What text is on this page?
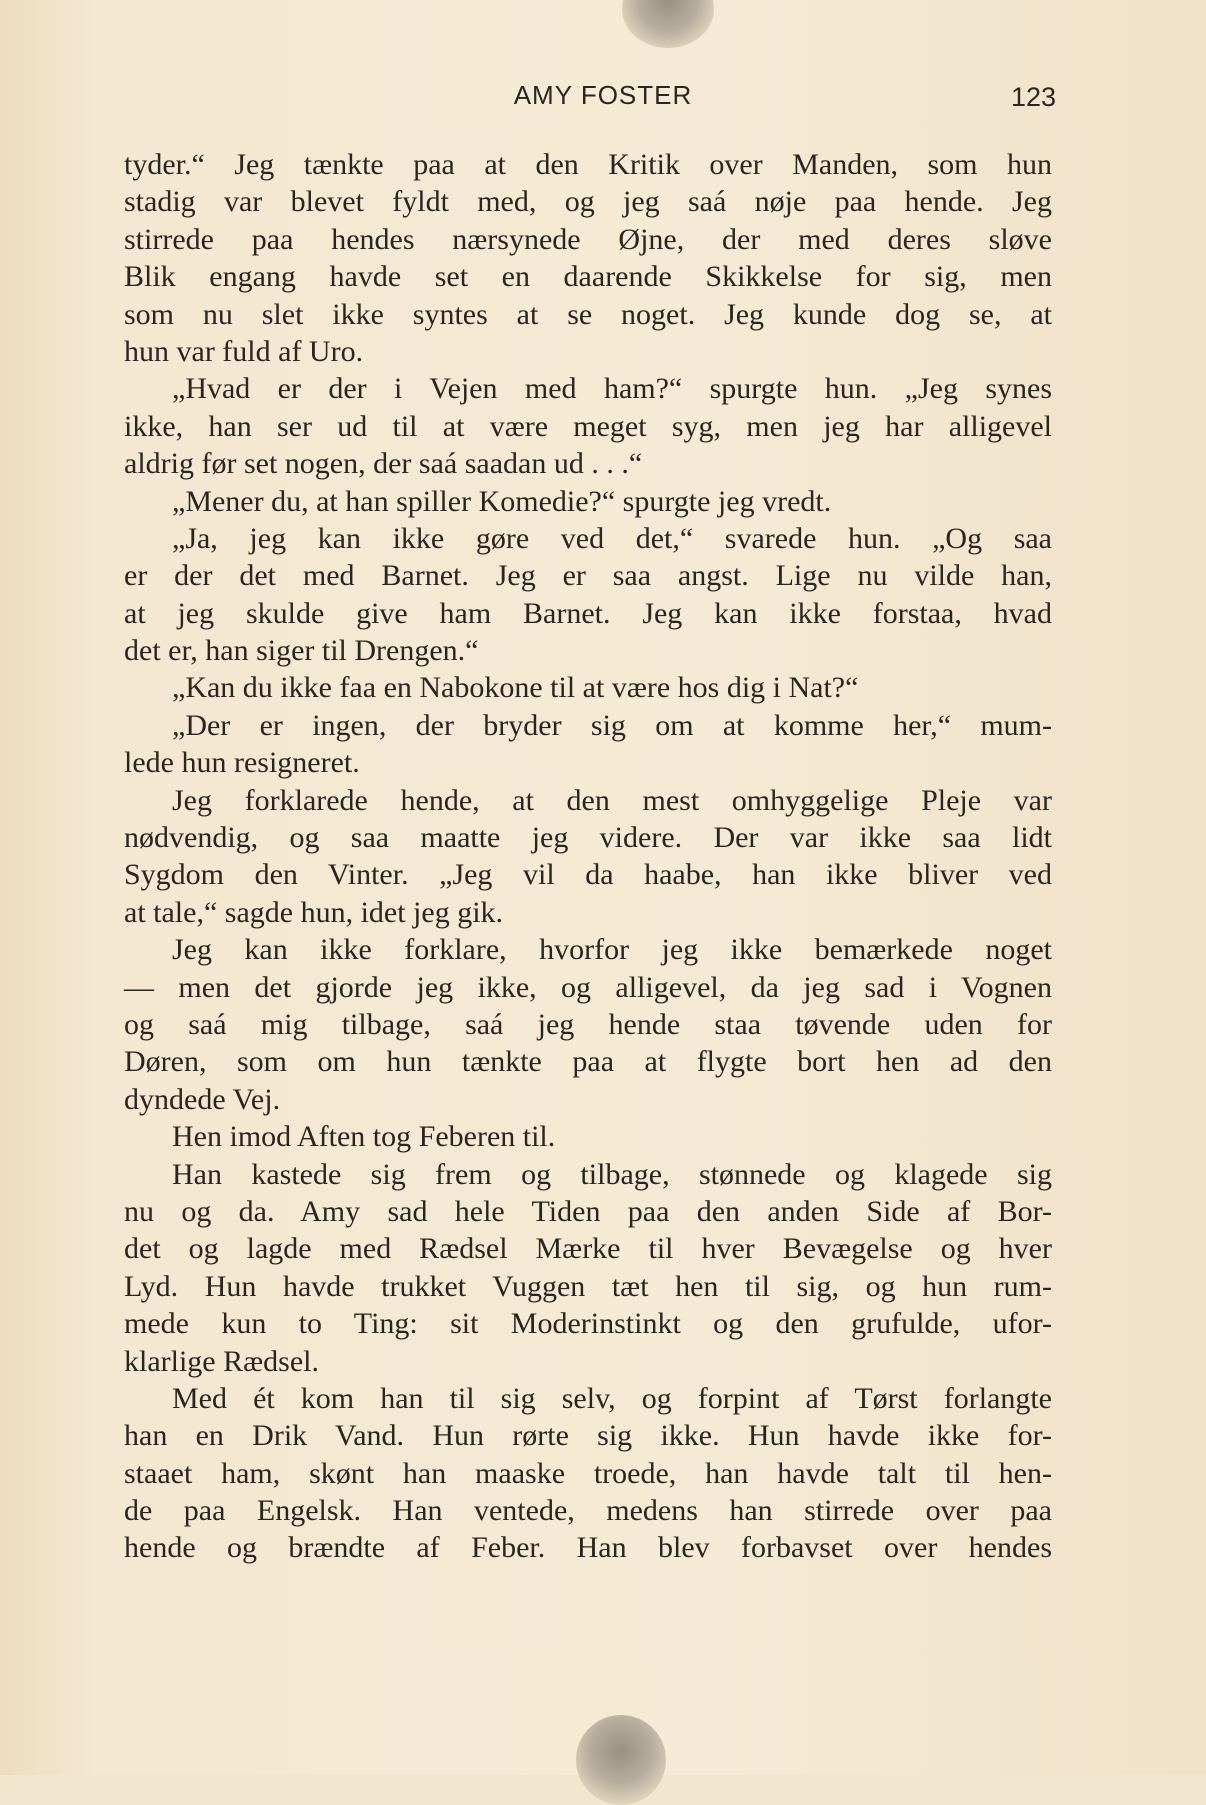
AMY FOSTER	123
tyder.“ Jeg tænkte paa at den Kritik over Manden, som hun
stadig var blevet fyldt med, og jeg saá nøje paa hende. Jeg
stirrede paa hendes nærsynede Øjne, der med deres sløve
Blik engang havde set en daarende Skikkelse for sig, men
som nu slet ikke syntes at se noget. Jeg kunde dog se, at
hun var fuld af Uro.
„Hvad er der i Vejen med ham?“ spurgte hun. „Jeg synes
ikke, han ser ud til at være meget syg, men jeg har alligevel
aldrig før set nogen, der saá saadan ud . . .“
„Mener du, at han spiller Komedie?“ spurgte jeg vredt.
„Ja, jeg kan ikke gøre ved det,“ svarede hun. „Og saa
er der det med Barnet. Jeg er saa angst. Lige nu vilde han,
at jeg skulde give ham Barnet. Jeg kan ikke forstaa, hvad
det er, han siger til Drengen.“
„Kan du ikke faa en Nabokone til at være hos dig i Nat?“
„Der er ingen, der bryder sig om at komme her,“ mum-
lede hun resigneret.
Jeg forklarede hende, at den mest omhyggelige Pleje var
nødvendig, og saa maatte jeg videre. Der var ikke saa lidt
Sygdom den Vinter. „Jeg vil da haabe, han ikke bliver ved
at tale,“ sagde hun, idet jeg gik.
Jeg kan ikke forklare, hvorfor jeg ikke bemærkede noget
— men det gjorde jeg ikke, og alligevel, da jeg sad i Vognen
og saá mig tilbage, saá jeg hende staa tøvende uden for
Døren, som om hun tænkte paa at flygte bort hen ad den
dyndede Vej.
Hen imod Aften tog Feberen til.
Han kastede sig frem og tilbage, stønnede og klagede sig
nu og da. Amy sad hele Tiden paa den anden Side af Bor-
det og lagde med Rædsel Mærke til hver Bevægelse og hver
Lyd. Hun havde trukket Vuggen tæt hen til sig, og hun rum-
mede kun to Ting: sit Moderinstinkt og den grufulde, ufor-
klarlige Rædsel.
Med ét kom han til sig selv, og forpint af Tørst forlangte
han en Drik Vand. Hun rørte sig ikke. Hun havde ikke for-
staaet ham, skønt han maaske troede, han havde talt til hen-
de paa Engelsk. Han ventede, medens han stirrede over paa
hende og brændte af Feber. Han blev forbavset over hendes
